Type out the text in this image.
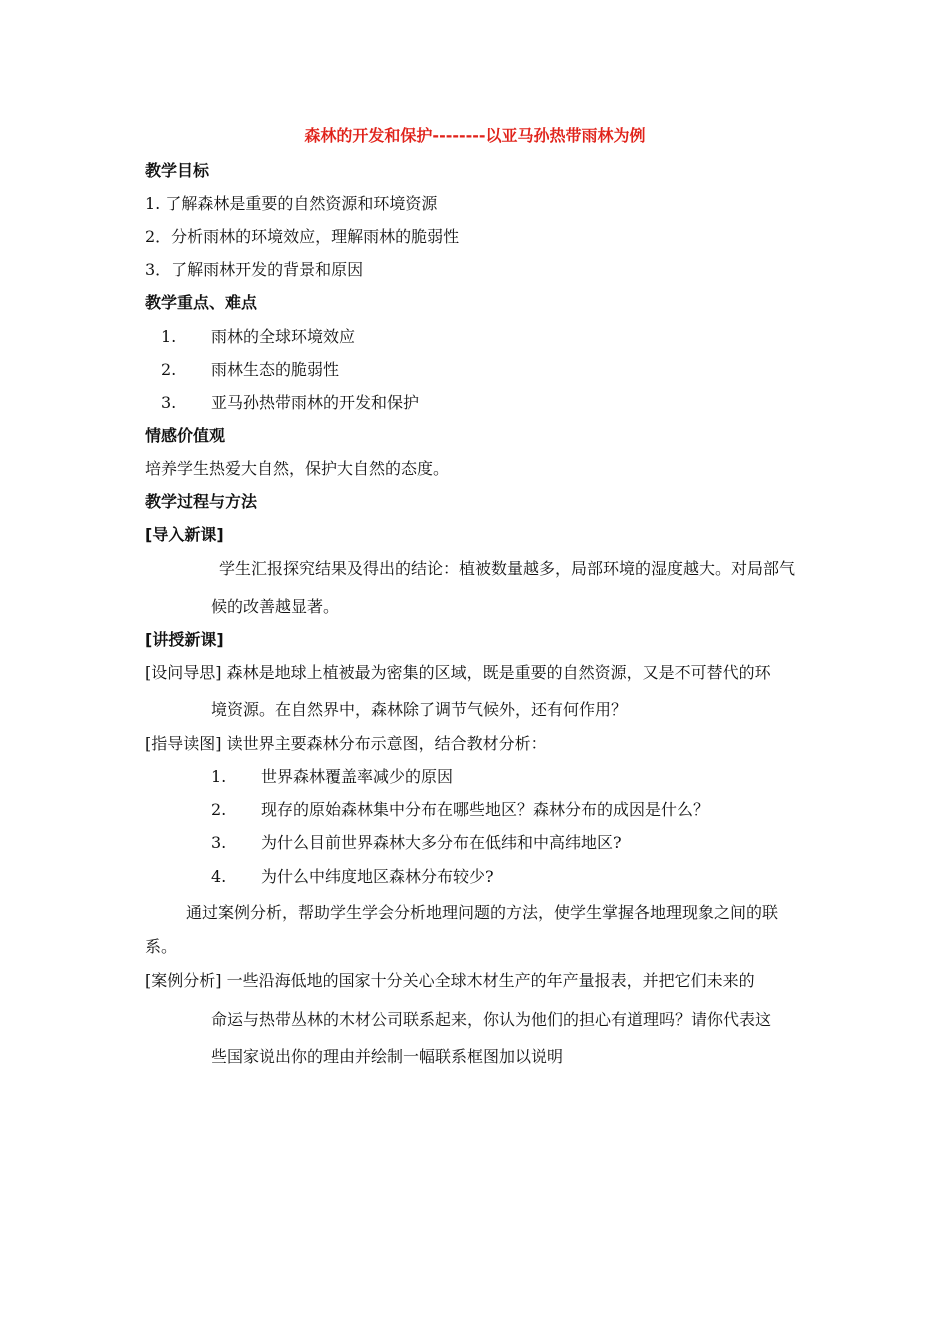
森林的开发和保护--------以亚马孙热带雨林为例
教学目标
1. 了解森林是重要的自然资源和环境资源
2．分析雨林的环境效应，理解雨林的脆弱性
3．了解雨林开发的背景和原因
教学重点、难点
1. 雨林的全球环境效应
2. 雨林生态的脆弱性
3. 亚马孙热带雨林的开发和保护
情感价值观
培养学生热爱大自然，保护大自然的态度。
教学过程与方法
[导入新课]
学生汇报探究结果及得出的结论：植被数量越多，局部环境的湿度越大。对局部气
候的改善越显著。
[讲授新课]
[设问导思] 森林是地球上植被最为密集的区域，既是重要的自然资源，又是不可替代的环
境资源。在自然界中，森林除了调节气候外，还有何作用？
[指导读图] 读世界主要森林分布示意图，结合教材分析：
1. 世界森林覆盖率减少的原因
2. 现存的原始森林集中分布在哪些地区？森林分布的成因是什么？
3. 为什么目前世界森林大多分布在低纬和中高纬地区?
4. 为什么中纬度地区森林分布较少?
通过案例分析，帮助学生学会分析地理问题的方法，使学生掌握各地理现象之间的联
系。
[案例分析] 一些沿海低地的国家十分关心全球木材生产的年产量报表，并把它们未来的
命运与热带丛林的木材公司联系起来，你认为他们的担心有道理吗？请你代表这
些国家说出你的理由并绘制一幅联系框图加以说明
